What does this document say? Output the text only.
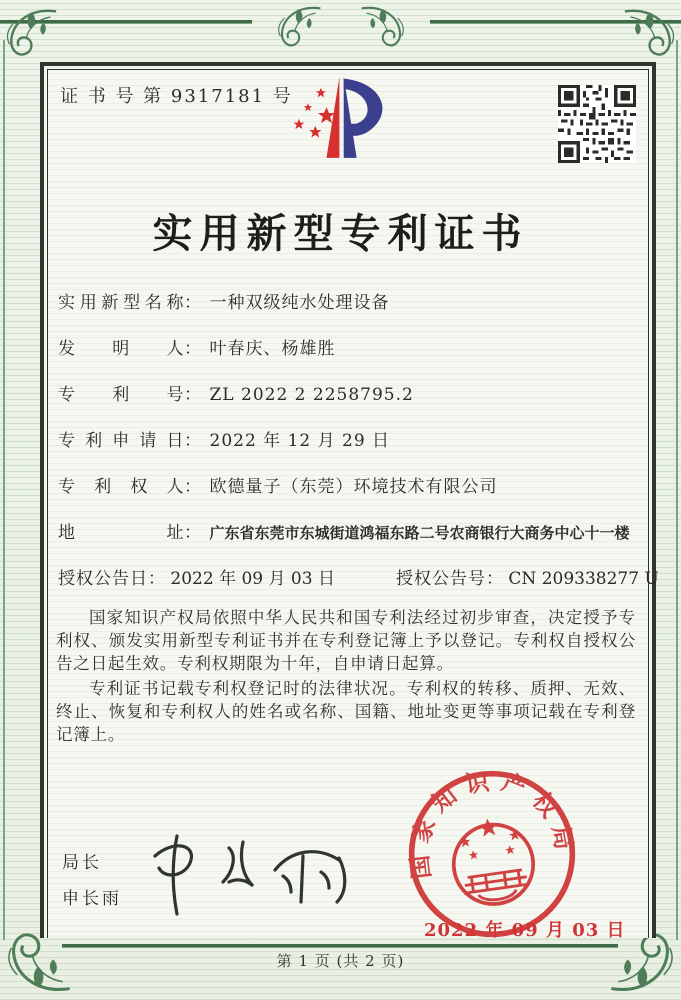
证 书 号 第 9317181 号
实用新型专利证书
实用新型名称： 一种双级纯水处理设备
发明人： 叶春庆、杨雄胜
专利号： ZL 2022 2 2258795.2
专利申请日： 2022 年 12 月 29 日
专利权人： 欧德量子（东莞）环境技术有限公司
地址： 广东省东莞市东城街道鸿福东路二号农商银行大商务中心十一楼
授权公告日： 2022 年 09 月 03 日	授权公告号： CN 209338277 U

国家知识产权局依照中华人民共和国专利法经过初步审查，决定授予专利权、颁发实用新型专利证书并在专利登记簿上予以登记。专利权自授权公告之日起生效。专利权期限为十年，自申请日起算。

专利证书记载专利权登记时的法律状况。专利权的转移、质押、无效、终止、恢复和专利权人的姓名或名称、国籍、地址变更等事项记载在专利登记簿上。

局长
申长雨
国家知识产权局
2022 年 09 月 03 日
第 1 页 (共 2 页)
